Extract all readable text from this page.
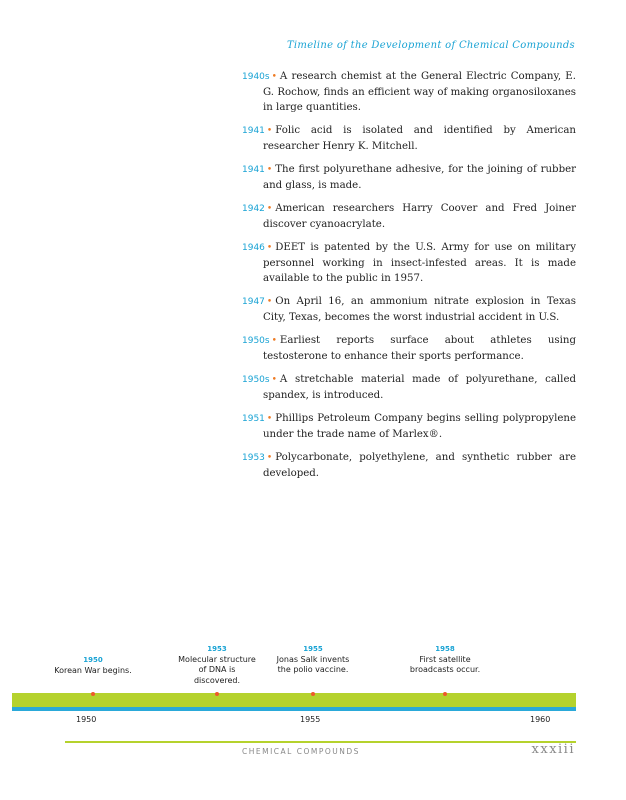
Timeline of the Development of Chemical Compounds
1940s • A research chemist at the General Electric Company, E. G. Rochow, finds an efficient way of making organosiloxanes in large quantities.
1941 • Folic acid is isolated and identified by American researcher Henry K. Mitchell.
1941 • The first polyurethane adhesive, for the joining of rubber and glass, is made.
1942 • American researchers Harry Coover and Fred Joiner discover cyanoacrylate.
1946 • DEET is patented by the U.S. Army for use on military personnel working in insect-infested areas. It is made available to the public in 1957.
1947 • On April 16, an ammonium nitrate explosion in Texas City, Texas, becomes the worst industrial accident in U.S.
1950s • Earliest reports surface about athletes using testosterone to enhance their sports performance.
1950s • A stretchable material made of polyurethane, called spandex, is introduced.
1951 • Phillips Petroleum Company begins selling polypropylene under the trade name of Marlex®.
1953 • Polycarbonate, polyethylene, and synthetic rubber are developed.
1950
Korean War begins.
1953
Molecular structure of DNA is discovered.
1955
Jonas Salk invents the polio vaccine.
1958
First satellite broadcasts occur.
1950	1955	1960
CHEMICAL COMPOUNDS	xxxiii
